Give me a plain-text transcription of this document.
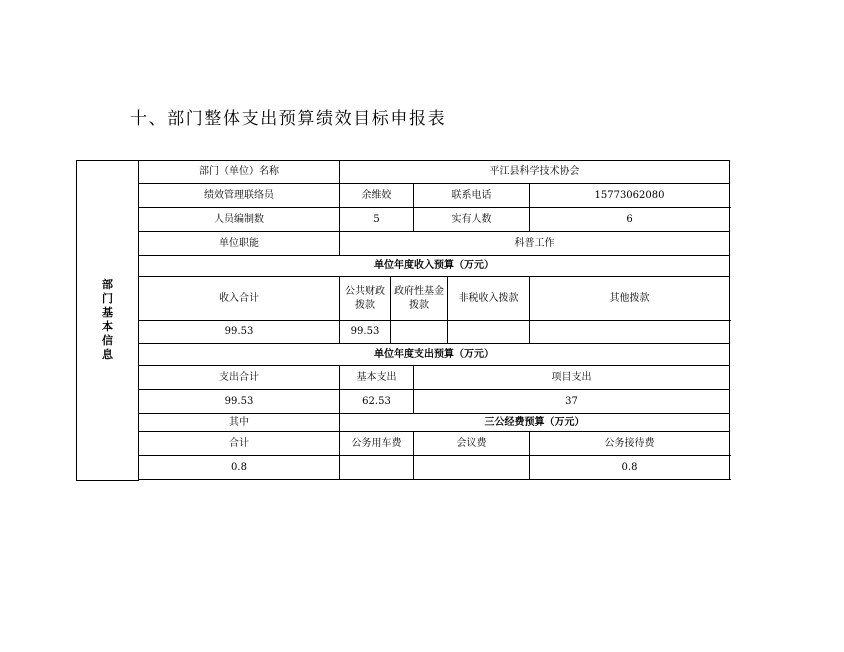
十、部门整体支出预算绩效目标申报表
部门基本信息	部门（单位）名称	平江县科学技术协会				
	绩效管理联络员	余维姣		联系电话		15773062080
	人员编制数	5		实有人数		6
	单位职能	科普工作				
	单位年度收入预算（万元）					
	收入合计	公共财政拨款	政府性基金拨款		非税收入拨款	其他拨款
	99.53	99.53				
	单位年度支出预算（万元）					
	支出合计	基本支出		项目支出		
	99.53	62.53		37		
	其中	三公经费预算（万元）				
	合计	公务用车费		会议费		公务接待费
	0.8					0.8
